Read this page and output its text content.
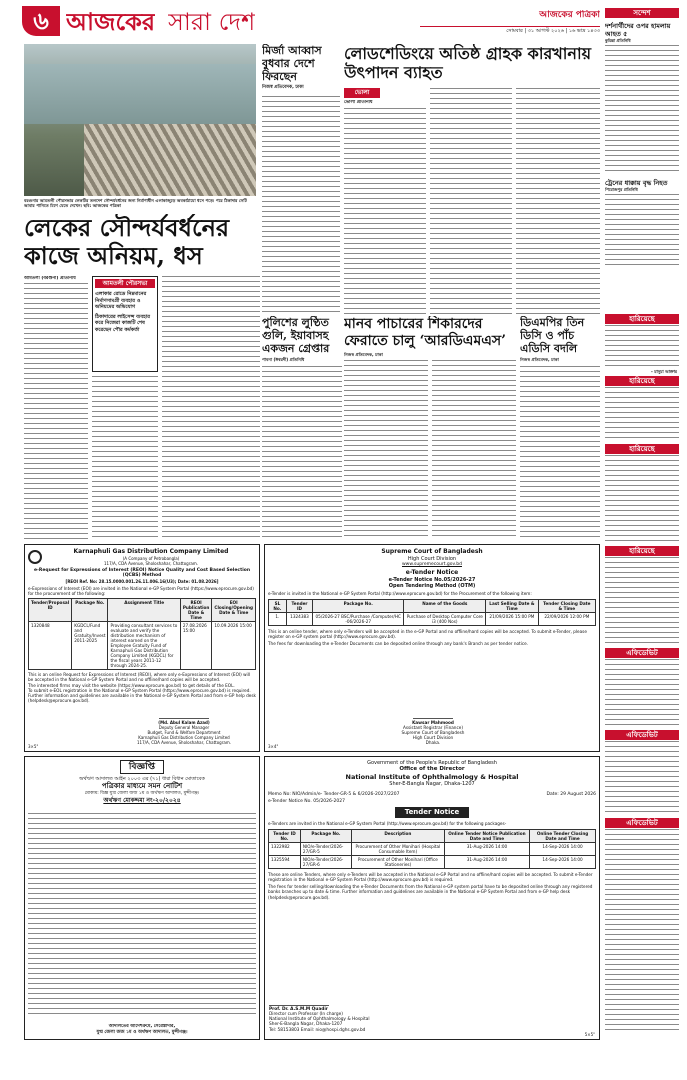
৬ আজকের সারা দেশ	আজকের পত্রিকা
সোমবার | ৩১ আগস্ট ২০২৬ | ১৬ ভাদ্র ১৪৩৩
সন্দেশ
বরগুনার আমতলী পৌরসভার লেকটির তলদেশ সৌন্দর্যবর্ধনের জন্য নির্মাণাধীন এলাকাজুড়ে অবকাঠামো ধসে পড়ে। পরে ঠিকাদার সেটি আবার পানিতে মিশে যেতে দেখেন। ছবি: আজকের পত্রিকা
মির্জা আব্বাস বুধবার দেশে ফিরছেন
নিজস্ব প্রতিবেদক, ঢাকা
লোডশেডিংয়ে অতিষ্ঠ গ্রাহক কারখানায় উৎপাদন ব্যাহত
ভোলা
ভোলা প্রতিনিধি
দর্শনার্থীদের ওপর হামলায় আহত ৫
কুমিল্লা প্রতিনিধি
ট্রেনের ধাক্কায় বৃদ্ধ নিহত
পিরোজপুর প্রতিনিধি
লেকের সৌন্দর্যবর্ধনের কাজে অনিয়ম, ধস
আমতলী (বরগুনা) প্রতিনিধি
আমতলী পৌরসভা
এলাকার রোডে নিম্নমানের নির্মাণসামগ্রী ব্যবহার ও অনিয়মের অভিযোগ
ঠিকাদারের লাইসেন্স ব্যবহার করে নিজেরা কাজটি শেষ করেছেন পৌর কর্মকর্তা
পুলিশের লুণ্ঠিত গুলি, ইয়াবাসহ একজন গ্রেপ্তার
পাবনা (ঈশ্বরদী) প্রতিনিধি
মানব পাচারের শিকারদের ফেরাতে চালু ‘আরডিএমএস’
নিজস্ব প্রতিবেদক, ঢাকা
ডিএমপির তিন ডিসি ও পাঁচ এডিসি বদলি
নিজস্ব প্রতিবেদক, ঢাকা
হারিয়েছে
– মাসুমা আক্তার
হারিয়েছে
হারিয়েছে
হারিয়েছে
এফিডেভিট
এফিডেভিট
এফিডেভিট
Karnaphuli Gas Distribution Company Limited
(A Company of Petrobangla)
117/A, CDA Avenue, Sholoshahar, Chattogram.
e-Request for Expressions of Interest (REOI) Notice Quality and Cost Based Selection (QCBS) Method
[REOI Ref. No: 28.15.0000.001.26.11.006.16(U3); Date: 01.08.2026]
e-Expressions of Interest (EOI) are invited in the National e-GP System Portal (https://www.eprocure.gov.bd) for the procurement of the following:
Tender/Proposal ID	Package No.	Assignment Title	REOI Publication Date & Time	EOI Closing/Opening Date & Time
1320848	KGDCL/Fund and Gratuity/Invest 2011-2025	Providing consultant services to evaluate and verify the distribution mechanism of interest earned on the Employee Gratuity Fund of Karnaphuli Gas Distribution Company Limited (KGDCL) for the fiscal years 2011-12 through 2024-25.	27.08.2026 15:00	10.09.2026 15:00
This is an online Request for Expressions of Interest (REOI), where only e-Expressions of Interest (EOI) will be accepted in the National e-GP System Portal and no offline/hard copies will be accepted.
The interested firms may visit the website (https://www.eprocure.gov.bd) to get details of the EOL.
To submit e-EOL registration in the National e-GP System Portal (https://www.eprocure.gov.bd) is required.
Further information and guidelines are available in the National e-GP System Portal and from e-GP help desk (helpdesk@eprocure.gov.bd).
(Md. Abul Kalam Azad)
Deputy General Manager
Budget, Fund & Welfare Department
Karnaphuli Gas Distribution Company Limited
117/A, CDA Avenue, Sholoshahar, Chattogram.
3×5"
Supreme Court of Bangladesh
High Court Division
www.supremecourt.gov.bd
e-Tender Notice
e-Tender Notice No.05/2026-27
Open Tendering Method (OTM)
e-Tender is invited in the National e-GP System Portal (http://www.eprocure.gov.bd) for the Procurement of the following item:
SL No.	Tender ID	Package No.	Name of the Goods	Last Selling Date & Time	Tender Closing Date & Time
1.	1324383	05/2026-27 BSC/Purchase /Computer/HC -06/2026-27	Purchase of Desktop Computer Core i3 (400 Nos)	21/09/2026 15:00 PM	22/09/2026 12:00 PM
This is an online tender, where only e-Tenders will be accepted in the e-GP Portal and no offline/hard copies will be accepted. To submit e-Tender, please register on e-GP system portal (http://www.eprocure.gov.bd).
The fees for downloading the e-Tender Documents can be deposited online through any bank's Branch as per tender notice.
Kawsar Mahmood
Assistant Registrar (Finance)
Supreme Court of Bangladesh
High Court Division
Dhaka.
3×4"
বিজ্ঞপ্তি
অর্থঋণ আদালত আইন ২০০৩ এর (৭১) ধারা বিধান মোতাবেক
পত্রিকার মাধ্যমে সমন নোটিশ
মোকাম: বিজ্ঞ যুগ্ম জেলা জজ ১ম ও অর্থঋণ আদালত, মুন্সীগঞ্জ।
অর্থঋণ মোকদ্দমা নং-২০/২০২৪
আদালতের আদেশক্রমে, সেরেস্তাদার,
যুগ্ম জেলা জজ ১ম ও অর্থঋণ আদালত, মুন্সীগঞ্জ।
Government of the People's Republic of Bangladesh
Office of the Director
National Institute of Ophthalmology & Hospital
Sher-E-Bangla Nagar, Dhaka-1207
Memo No: NIO/Admin/e- Tender-GR-5 & 6/2026-2027/2207	Date: 29 August 2026
e-Tender Notice No. 05/2026-2027
Tender Notice
e-Tenders are invited in the National e-GP System Portal (http://www.eprocure.gov.bd) for the following packages-
Tender ID No.	Package No.	Description	Online Tender Notice Publication Date and Time	Online Tender Closing Date and Time
1322982	NIO/e-Tender/2026-27/GR-5	Procurement of Other Monihari (Hospital Consumable Item)	31-Aug-2026 14:00	14-Sep-2026 14:00
1325594	NIO/e-Tender/2026-27/GR-6	Procurement of Other Monihari (Office Stationeries)	31-Aug-2026 14:00	14-Sep-2026 14:00
These are online Tenders, where only e-Tenders will be accepted in the National e-GP Portal and no offline/hard copies will be accepted. To submit e-Tender registration in the National e-GP System Portal (http://www.eprocure.gov.bd) is required.
The fees for tender selling/downloading the e-Tender Documents from the National e-GP system portal have to be deposited online through any registered banks branches up to date & time. Further information and guidelines are available in the National e-GP System Portal and from e-GP help desk (helpdesk@eprocure.gov.bd).
Prof. Dr. A.S.M.M Quadir
Director cum Professor (In charge)
National Institute of Ophthalmology & Hospital
Sher-E-Bangla Nagar, Dhaka-1207
Tel: 58153803 Email: nio@hospi.dghs.gov.bd
5×5"
